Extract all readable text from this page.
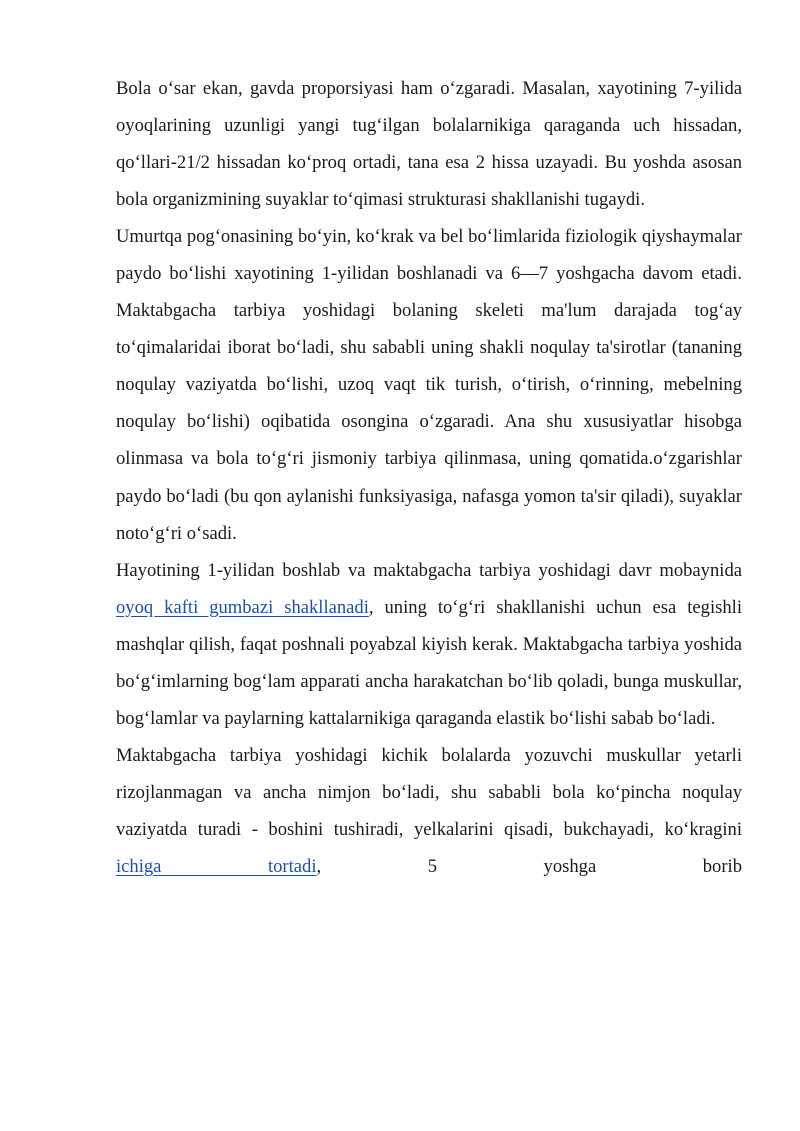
Bola o‘sar ekan, gavda proporsiyasi ham o‘zgaradi. Masalan, xayotining 7-yilida oyoqlarining uzunligi yangi tug‘ilgan bolalarnikiga qaraganda uch hissadan, qo‘llari-21/2 hissadan ko‘proq ortadi, tana esa 2 hissa uzayadi. Bu yoshda asosan bola organizmining suyaklar to‘qimasi strukturasi shakllanishi tugaydi.

Umurtqa pog‘onasining bo‘yin, ko‘krak va bel bo‘limlarida fiziologik qiyshaymalar paydo bo‘lishi xayotining 1-yilidan boshlanadi va 6—7 yoshgacha davom etadi. Maktabgacha tarbiya yoshidagi bolaning skeleti ma'lum darajada tog‘ay to‘qimalaridai iborat bo‘ladi, shu sababli uning shakli noqulay ta'sirotlar (tananing noqulay vaziyatda bo‘lishi, uzoq vaqt tik turish, o‘tirish, o‘rinning, mebelning noqulay bo‘lishi) oqibatida osongina o‘zgaradi. Ana shu xususiyatlar hisobga olinmasa va bola to‘g‘ri jismoniy tarbiya qilinmasa, uning qomatida.o‘zgarishlar paydo bo‘ladi (bu qon aylanishi funksiyasiga, nafasga yomon ta'sir qiladi), suyaklar noto‘g‘ri o‘sadi.

Hayotining 1-yilidan boshlab va maktabgacha tarbiya yoshidagi davr mobaynida oyoq kafti gumbazi shakllanadi, uning to‘g‘ri shakllanishi uchun esa tegishli mashqlar qilish, faqat poshnali poyabzal kiyish kerak. Maktabgacha tarbiya yoshida bo‘g‘imlarning bog‘lam apparati ancha harakatchan bo‘lib qoladi, bunga muskullar, bog‘lamlar va paylarning kattalarnikiga qaraganda elastik bo‘lishi sabab bo‘ladi.

Maktabgacha tarbiya yoshidagi kichik bolalarda yozuvchi muskullar yetarli rizojlanmagan va ancha nimjon bo‘ladi, shu sababli bola ko‘pincha noqulay vaziyatda turadi - boshini tushiradi, yelkalarini qisadi, bukchayadi, ko‘kragini ichiga tortadi, 5 yoshga borib
